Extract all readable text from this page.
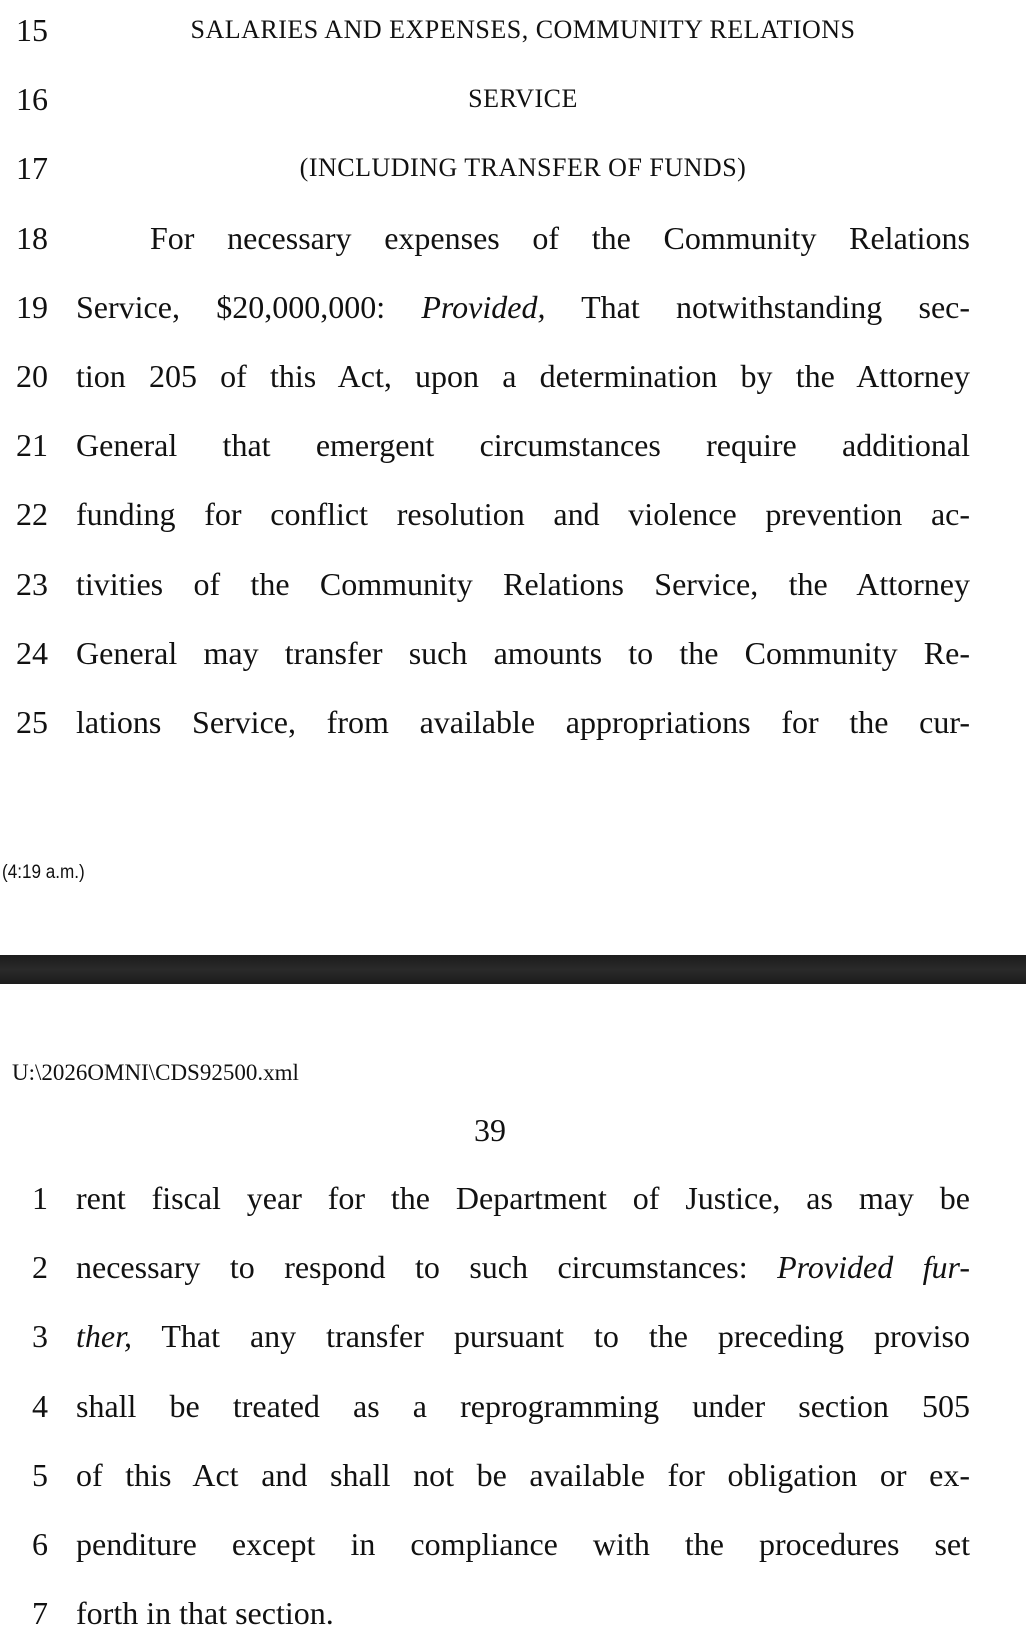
15	SALARIES AND EXPENSES, COMMUNITY RELATIONS
16	SERVICE
17	(INCLUDING TRANSFER OF FUNDS)
18	For necessary expenses of the Community Relations
19 Service, $20,000,000: Provided, That notwithstanding sec-
20 tion 205 of this Act, upon a determination by the Attorney
21 General that emergent circumstances require additional
22 funding for conflict resolution and violence prevention ac-
23 tivities of the Community Relations Service, the Attorney
24 General may transfer such amounts to the Community Re-
25 lations Service, from available appropriations for the cur-
(4:19 a.m.)
U:\2026OMNI\CDS92500.xml
39
1 rent fiscal year for the Department of Justice, as may be
2 necessary to respond to such circumstances: Provided fur-
3 ther, That any transfer pursuant to the preceding proviso
4 shall be treated as a reprogramming under section 505
5 of this Act and shall not be available for obligation or ex-
6 penditure except in compliance with the procedures set
7 forth in that section.
